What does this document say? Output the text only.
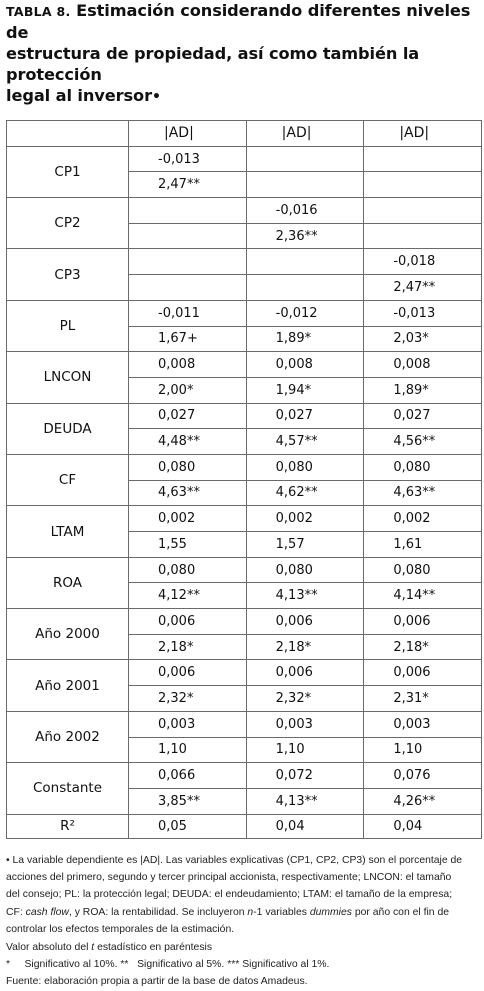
TABLA 8. Estimación considerando diferentes niveles de
estructura de propiedad, así como también la protección
legal al inversor•
	|AD|	|AD|	|AD|
CP1	-0,013		
	2,47**		
CP2		-0,016	
		2,36**	
CP3			-0,018
			2,47**
PL	-0,011	-0,012	-0,013
	1,67+	1,89*	2,03*
LNCON	0,008	0,008	0,008
	2,00*	1,94*	1,89*
DEUDA	0,027	0,027	0,027
	4,48**	4,57**	4,56**
CF	0,080	0,080	0,080
	4,63**	4,62**	4,63**
LTAM	0,002	0,002	0,002
	1,55	1,57	1,61
ROA	0,080	0,080	0,080
	4,12**	4,13**	4,14**
Año 2000	0,006	0,006	0,006
	2,18*	2,18*	2,18*
Año 2001	0,006	0,006	0,006
	2,32*	2,32*	2,31*
Año 2002	0,003	0,003	0,003
	1,10	1,10	1,10
Constante	0,066	0,072	0,076
	3,85**	4,13**	4,26**
R²	0,05	0,04	0,04

• La variable dependiente es |AD|. Las variables explicativas (CP1, CP2, CP3) son el porcentaje de

acciones del primero, segundo y tercer principal accionista, respectivamente; LNCON: el tamaño

del consejo; PL: la protección legal; DEUDA: el endeudamiento; LTAM: el tamaño de la empresa;

CF: cash flow, y ROA: la rentabilidad. Se incluyeron n-1 variables dummies por año con el fin de

controlar los efectos temporales de la estimación.

Valor absoluto del t estadístico en paréntesis

*     Significativo al 10%. **   Significativo al 5%. *** Significativo al 1%.

Fuente: elaboración propia a partir de la base de datos Amadeus.
